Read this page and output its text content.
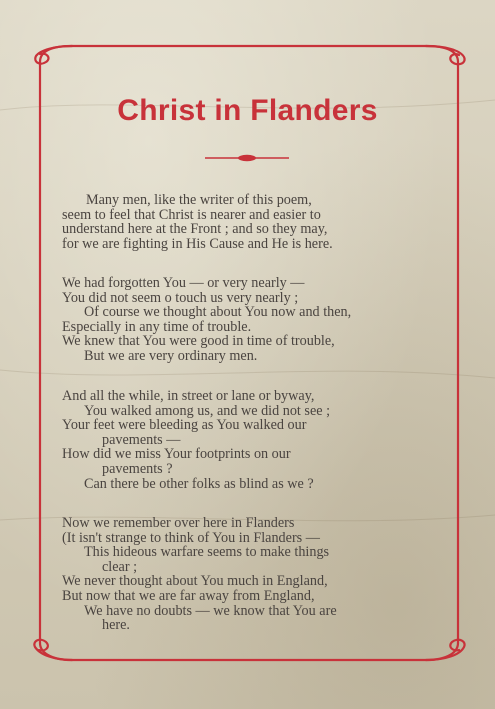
Christ in Flanders
Many men, like the writer of this poem,
seem to feel that Christ is nearer and easier to
understand here at the Front ; and so they may,
for we are fighting in His Cause and He is here.
We had forgotten You — or very nearly —
You did not seem o touch us very nearly ;
Of course we thought about You now and then,
Especially in any time of trouble.
We knew that You were good in time of trouble,
But we are very ordinary men.
And all the while, in street or lane or byway,
You walked among us, and we did not see ;
Your feet were bleeding as You walked our
pavements —
How did we miss Your footprints on our
pavements ?
Can there be other folks as blind as we ?
Now we remember over here in Flanders
(It isn't strange to think of You in Flanders —
This hideous warfare seems to make things
clear ;
We never thought about You much in England,
But now that we are far away from England,
We have no doubts — we know that You are
here.
